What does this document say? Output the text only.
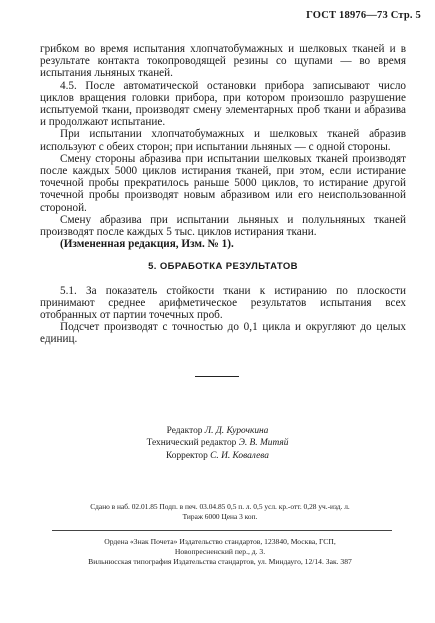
ГОСТ 18976—73 Стр. 5

грибком во время испытания хлопчатобумажных и шелковых тканей и в результате контакта токопроводящей резины со щупами — во время испытания льняных тканей.

4.5. После автоматической остановки прибора записывают число циклов вращения головки прибора, при котором произошло разрушение испытуемой ткани, производят смену элементарных проб ткани и абразива и продолжают испытание.

При испытании хлопчатобумажных и шелковых тканей абразив используют с обеих сторон; при испытании льняных — с одной стороны.

Смену стороны абразива при испытании шелковых тканей производят после каждых 5000 циклов истирания тканей, при этом, если истирание точечной пробы прекратилось раньше 5000 циклов, то истирание другой точечной пробы производят новым абразивом или его неиспользованной стороной.

Смену абразива при испытании льняных и полульняных тканей производят после каждых 5 тыс. циклов истирания ткани.

(Измененная редакция, Изм. № 1).

5. ОБРАБОТКА РЕЗУЛЬТАТОВ

5.1. За показатель стойкости ткани к истиранию по плоскости принимают среднее арифметическое результатов испытания всех отобранных от партии точечных проб.

Подсчет производят с точностью до 0,1 цикла и округляют до целых единиц.

Редактор Л. Д. Курочкина

Технический редактор Э. В. Митяй

Корректор С. И. Ковалева

Сдано в наб. 02.01.85 Подп. в печ. 03.04.85 0,5 п. л. 0,5 усл. кр.-отт. 0,28 уч.-изд. л.

Тираж 6000 Цена 3 коп.

Ордена «Знак Почета» Издательство стандартов, 123840, Москва, ГСП,

Новопресненский пер., д. 3.

Вильнюсская типография Издательства стандартов, ул. Миндауго, 12/14. Зак. 387
